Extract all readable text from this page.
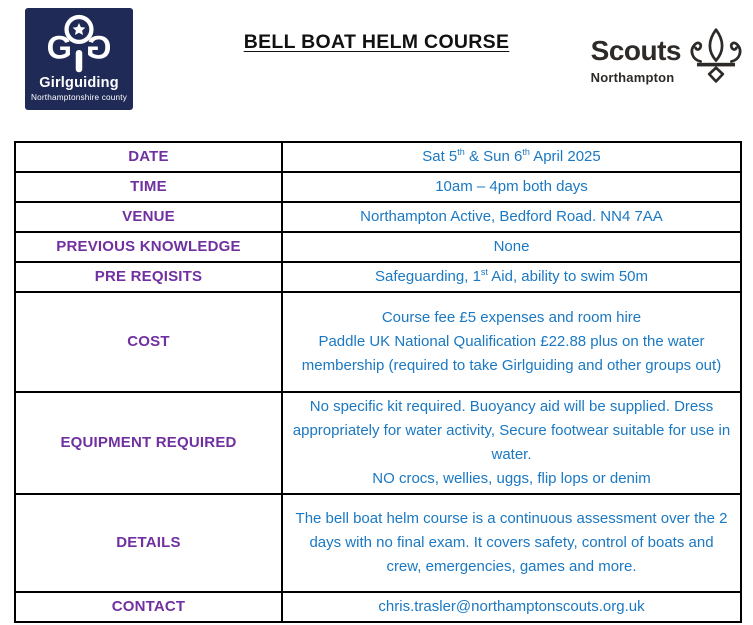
G G
Girlguiding
Northamptonshire county
BELL BOAT HELM COURSE	Scouts
Northampton
DATE	Sat 5th & Sun 6th April 2025
TIME	10am – 4pm both days
VENUE	Northampton Active, Bedford Road. NN4 7AA
PREVIOUS KNOWLEDGE	None
PRE REQISITS	Safeguarding, 1st Aid, ability to swim 50m
COST	Course fee £5 expenses and room hire
Paddle UK National Qualification £22.88 plus on the water membership (required to take Girlguiding and other groups out)

EQUIPMENT REQUIRED	No specific kit required. Buoyancy aid will be supplied. Dress appropriately for water activity, Secure footwear suitable for use in water.
NO crocs, wellies, uggs, flip lops or denim

DETAILS	The bell boat helm course is a continuous assessment over the 2 days with no final exam. It covers safety, control of boats and crew, emergencies, games and more.

CONTACT	chris.trasler@northamptonscouts.org.uk
